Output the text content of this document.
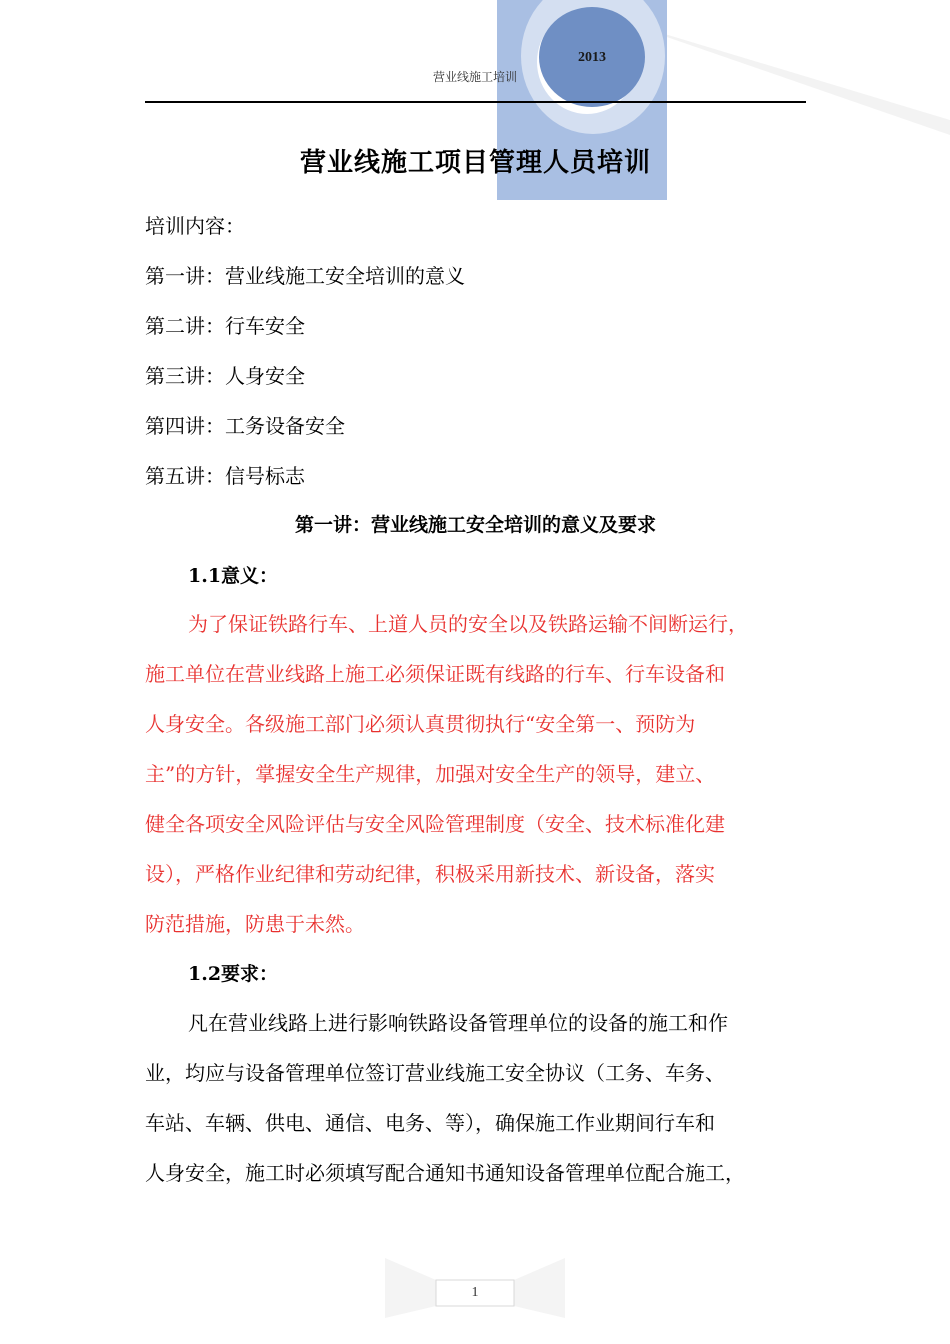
2013
营业线施工培训
营业线施工项目管理人员培训
培训内容：
第一讲：营业线施工安全培训的意义
第二讲：行车安全
第三讲：人身安全
第四讲：工务设备安全
第五讲：信号标志
第一讲：营业线施工安全培训的意义及要求
1.1意义：
为了保证铁路行车、上道人员的安全以及铁路运输不间断运行，
施工单位在营业线路上施工必须保证既有线路的行车、行车设备和
人身安全。各级施工部门必须认真贯彻执行“安全第一、预防为
主”的方针，掌握安全生产规律，加强对安全生产的领导，建立、
健全各项安全风险评估与安全风险管理制度（安全、技术标准化建
设），严格作业纪律和劳动纪律，积极采用新技术、新设备，落实
防范措施，防患于未然。
1.2要求：
凡在营业线路上进行影响铁路设备管理单位的设备的施工和作
业，均应与设备管理单位签订营业线施工安全协议（工务、车务、
车站、车辆、供电、通信、电务、等），确保施工作业期间行车和
人身安全，施工时必须填写配合通知书通知设备管理单位配合施工，
1
